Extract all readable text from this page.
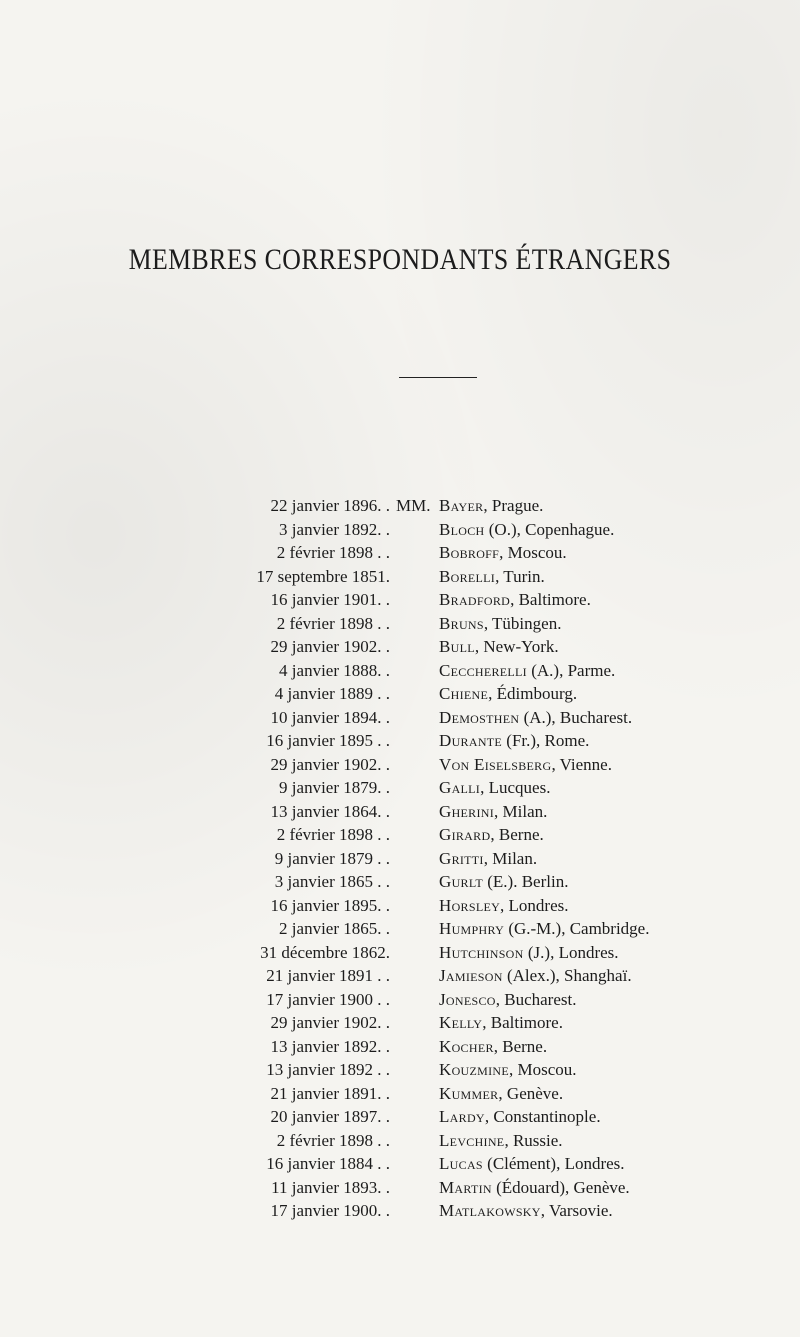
MEMBRES CORRESPONDANTS ÉTRANGERS
22 janvier 1896. . MM. Bayer, Prague.
3 janvier 1892. .	Bloch (O.), Copenhague.
2 février 1898 . .	Bobroff, Moscou.
17 septembre 1851.	Borelli, Turin.
16 janvier 1901. .	Bradford, Baltimore.
2 février 1898 . .	Bruns, Tübingen.
29 janvier 1902. .	Bull, New-York.
4 janvier 1888. .	Ceccherelli (A.), Parme.
4 janvier 1889 . .	Chiene, Édimbourg.
10 janvier 1894. .	Demosthen (A.), Bucharest.
16 janvier 1895 . .	Durante (Fr.), Rome.
29 janvier 1902. .	Von Eiselsberg, Vienne.
9 janvier 1879. .	Galli, Lucques.
13 janvier 1864. .	Gherini, Milan.
2 février 1898 . .	Girard, Berne.
9 janvier 1879 . .	Gritti, Milan.
3 janvier 1865 . .	Gurlt (E.). Berlin.
16 janvier 1895. .	Horsley, Londres.
2 janvier 1865. .	Humphry (G.-M.), Cambridge.
31 décembre 1862.	Hutchinson (J.), Londres.
21 janvier 1891 . .	Jamieson (Alex.), Shanghaï.
17 janvier 1900 . .	Jonesco, Bucharest.
29 janvier 1902. .	Kelly, Baltimore.
13 janvier 1892. .	Kocher, Berne.
13 janvier 1892 . .	Kouzmine, Moscou.
21 janvier 1891. .	Kummer, Genève.
20 janvier 1897. .	Lardy, Constantinople.
2 février 1898 . .	Levchine, Russie.
16 janvier 1884 . .	Lucas (Clément), Londres.
11 janvier 1893. .	Martin (Édouard), Genève.
17 janvier 1900. .	Matlakowsky, Varsovie.
